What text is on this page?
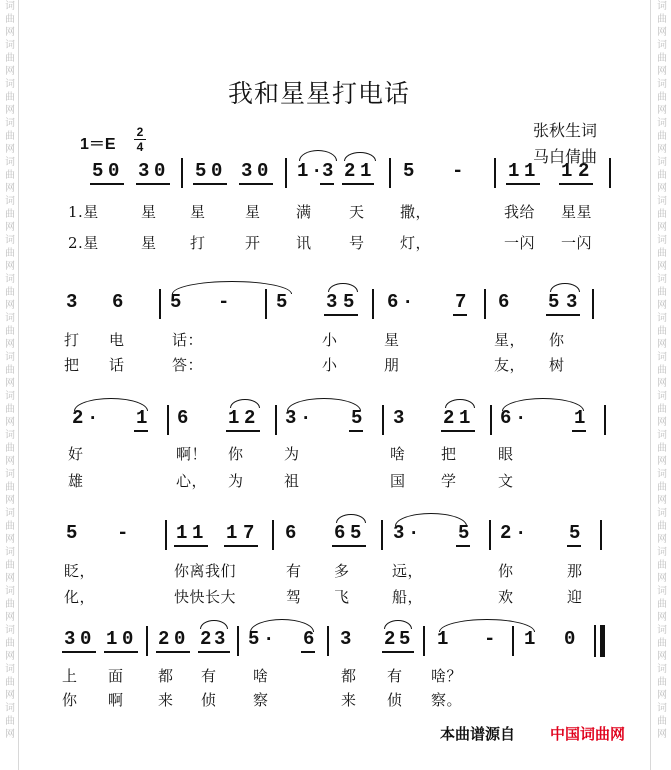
词
曲
网
词
曲
网
词
曲
网
词
曲
网
词
曲
网
词
曲
网
词
曲
网
词
曲
网
词
曲
网
词
曲
网
词
曲
网
词
曲
网
词
曲
网
词
曲
网
词
曲
网
词
曲
网
词
曲
网
词
曲
网
词
曲
网
词
曲
网
词
曲
网
词
曲
网
词
曲
网
词
曲
网
词
曲
网
词
曲
网
词
曲
网
词
曲
网
词
曲
网
词
曲
网
词
曲
网
词
曲
网
词
曲
网
词
曲
网
词
曲
网
词
曲
网
词
曲
网
词
曲
网
我和星星打电话
1＝E
2
4
张秋生词
马白倩曲
5 0 3 0 5 0 3 0 1 · 3 2 1 5 - 1 1 1 2
1.星	星 星	星 满 天 撒，	我给 星星
2.星	星 打	开 讯 号 灯，	一闪 一闪
3 6 5 - 5 3 5 6 · 7 6 5 3
打 电	话：	小	星	星， 你
把 话	答：	小	朋	友， 树
2 · 1 6 1 2 3 · 5 3 2 1 6 ·	1
好	啊！ 你	为	啥 把	眼
雄	心， 为	祖	国 学	文
5 -	1 1 1 7 6 6 5 3 · 5 2 · 5
眨，	你离我们	有 多	远，	你	那
化，	快快长大	驾 飞	船，	欢	迎
3 0 1 0 2 0 2 3 5 · 6 3 2 5 1 - 1 0
上 面 都 有 啥	都 有 啥？
你 啊 来 侦 察	来 侦 察。
本曲谱源自 中国词曲网
